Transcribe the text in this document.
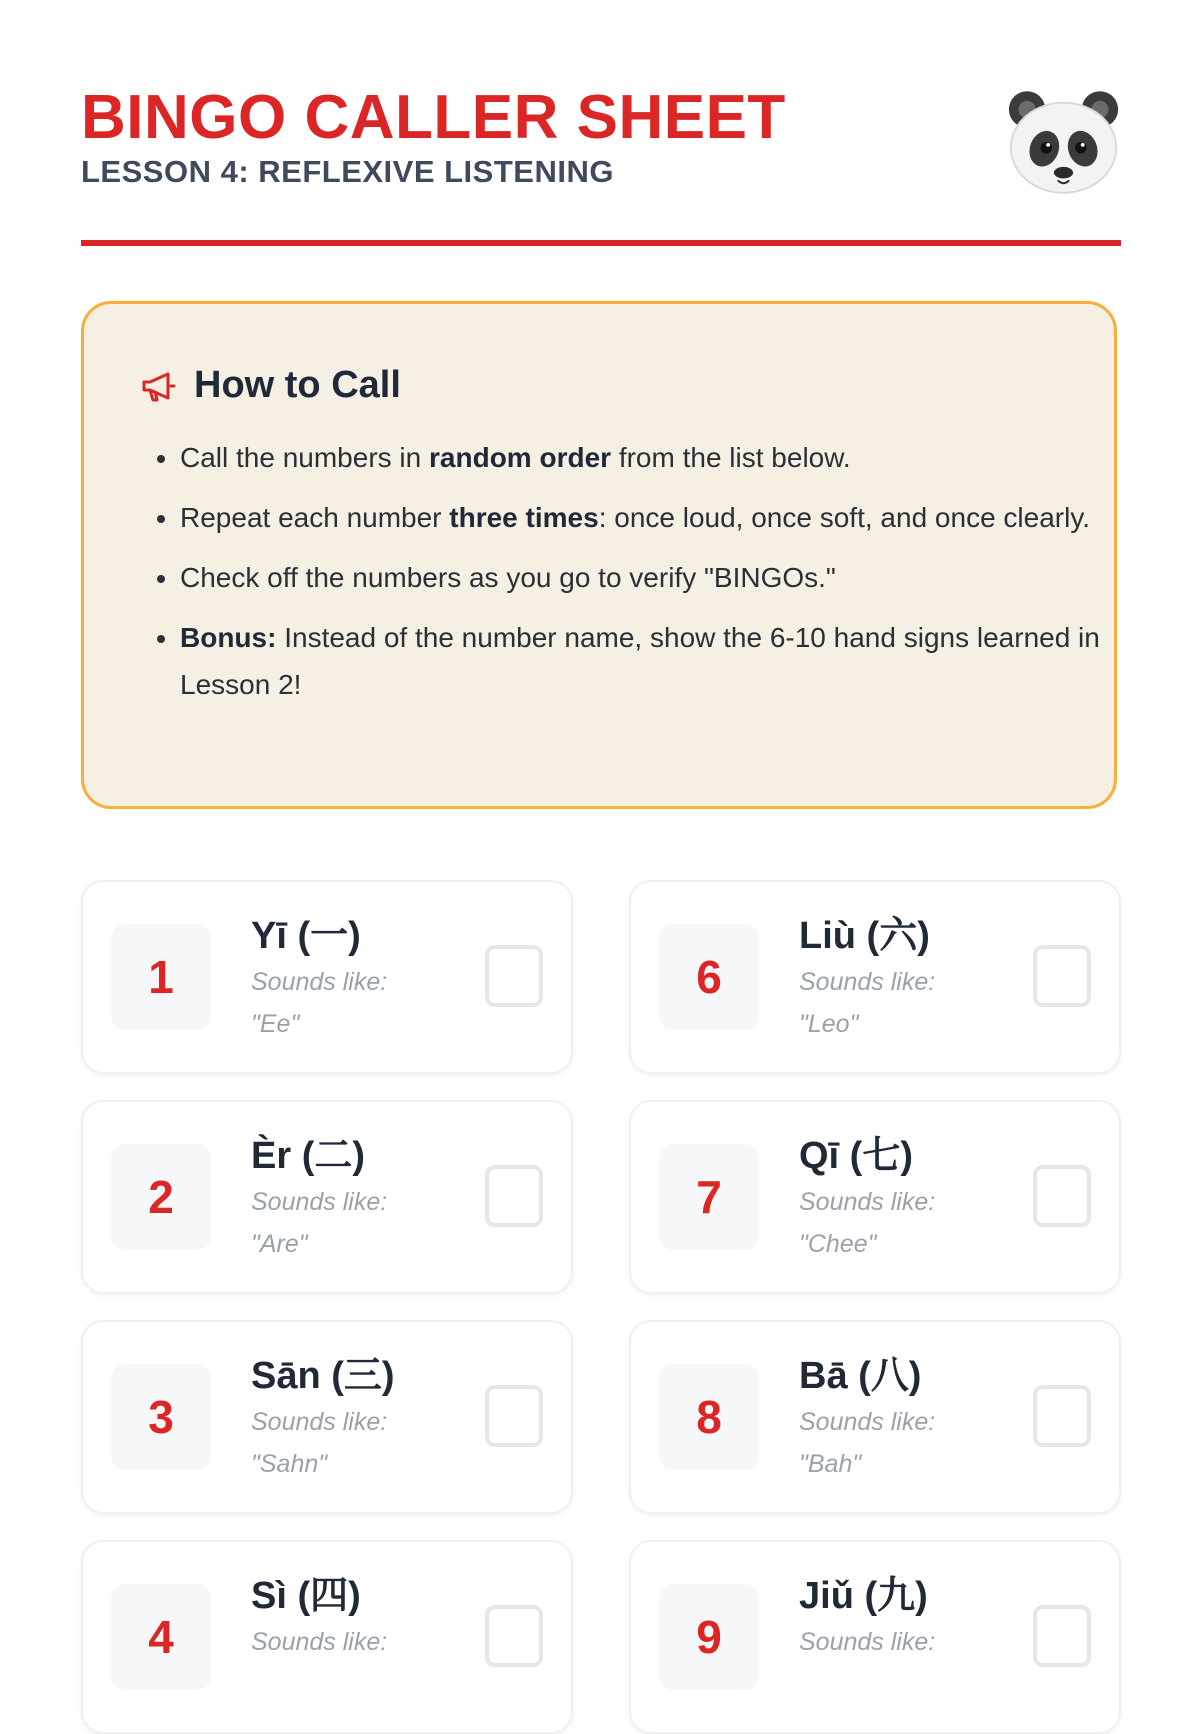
BINGO CALLER SHEET
LESSON 4: REFLEXIVE LISTENING
How to Call
• Call the numbers in random order from the list below.
• Repeat each number three times: once loud, once soft, and once clearly.
• Check off the numbers as you go to verify "BINGOs."
• Bonus: Instead of the number name, show the 6-10 hand signs learned in Lesson 2!
1
Yī (一)
Sounds like:
"Ee"
6
Liù (六)
Sounds like:
"Leo"
2
Èr (二)
Sounds like:
"Are"
7
Qī (七)
Sounds like:
"Chee"
3
Sān (三)
Sounds like:
"Sahn"
8
Bā (八)
Sounds like:
"Bah"
4
Sì (四)
Sounds like:	9
Jiǔ (九)
Sounds like:
